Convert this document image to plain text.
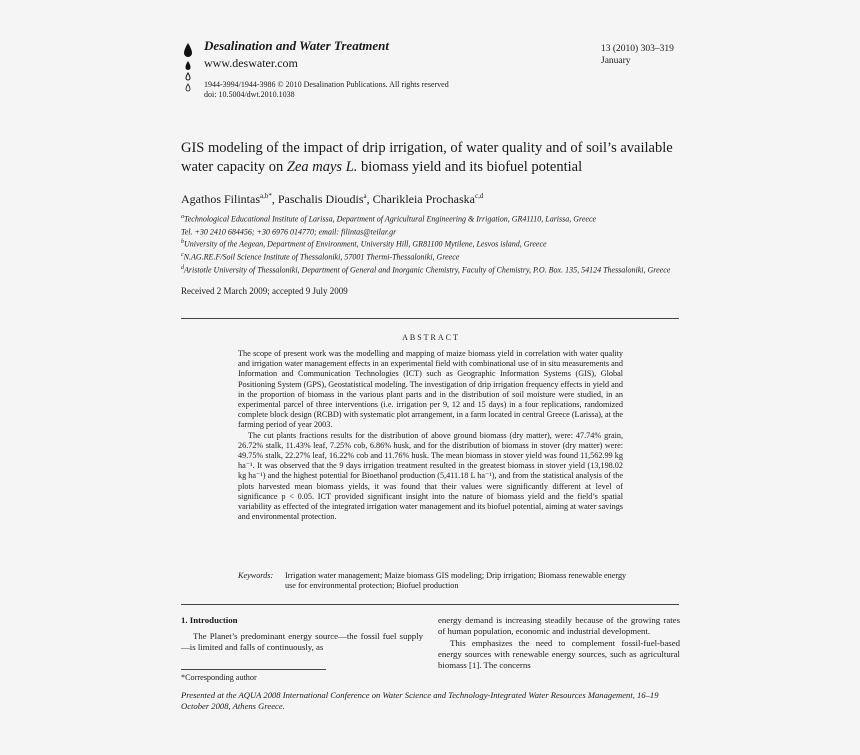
Desalination and Water Treatment
www.deswater.com
1944-3994/1944-3986 © 2010 Desalination Publications. All rights reserved
doi: 10.5004/dwt.2010.1038
13 (2010) 303–319
January
GIS modeling of the impact of drip irrigation, of water quality and of soil’s available water capacity on Zea mays L. biomass yield and its biofuel potential
Agathos Filintas$^{a,b*}$, Paschalis Dioudis$^a$, Charikleia Prochaska$^{c,d}$
$^a$Technological Educational Institute of Larissa, Department of Agricultural Engineering & Irrigation, GR41110, Larissa, Greece
Tel. +30 2410 684456; +30 6976 014770; email: filintas@teilar.gr
$^b$University of the Aegean, Department of Environment, University Hill, GR81100 Mytilene, Lesvos island, Greece
$^c$N.AG.RE.F/Soil Science Institute of Thessaloniki, 57001 Thermi-Thessaloniki, Greece
$^d$Aristotle University of Thessaloniki, Department of General and Inorganic Chemistry, Faculty of Chemistry, P.O. Box. 135, 54124 Thessaloniki, Greece
Received 2 March 2009; accepted 9 July 2009
ABSTRACT

The scope of present work was the modelling and mapping of maize biomass yield in correlation with water quality and irrigation water management effects in an experimental field with combinational use of in situ measurements and Information and Communication Technologies (ICT) such as Geographic Information Systems (GIS), Global Positioning System (GPS), Geostatistical modeling. The investigation of drip irrigation frequency effects in yield and in the proportion of biomass in the various plant parts and in the distribution of soil moisture were studied, in an experimental parcel of three interventions (i.e. irrigation per 9, 12 and 15 days) in a four replications, randomized complete block design (RCBD) with systematic plot arrangement, in a farm located in central Greece (Larissa), at the farming period of year 2003.

The cut plants fractions results for the distribution of above ground biomass (dry matter), were: 47.74% grain, 26.72% stalk, 11.43% leaf, 7.25% cob, 6.86% husk, and for the distribution of biomass in stover (dry matter) were: 49.75% stalk, 22.27% leaf, 16.22% cob and 11.76% husk. The mean biomass in stover yield was found 11,562.99 kg ha⁻¹. It was observed that the 9 days irrigation treatment resulted in the greatest biomass in stover yield (13,198.02 kg ha⁻¹) and the highest potential for Bioethanol production (5,411.18 L ha⁻¹), and from the statistical analysis of the plots harvested mean biomass yields, it was found that their values were significantly different at level of significance p < 0.05. ICT provided significant insight into the nature of biomass yield and the field’s spatial variability as effected of the integrated irrigation water management and its biofuel potential, aiming at water savings and environmental protection.

Keywords: Irrigation water management; Maize biomass GIS modeling; Drip irrigation; Biomass renewable energy use for environmental protection; Biofuel production
1. Introduction

The Planet’s predominant energy source—the fossil fuel supply—is limited and falls of continuously, as

*Corresponding author

energy demand is increasing steadily because of the growing rates of human population, economic and industrial development.

This emphasizes the need to complement fossil-fuel-based energy sources with renewable energy sources, such as agricultural biomass [1]. The concerns

Presented at the AQUA 2008 International Conference on Water Science and Technology-Integrated Water Resources Management, 16–19 October 2008, Athens Greece.
